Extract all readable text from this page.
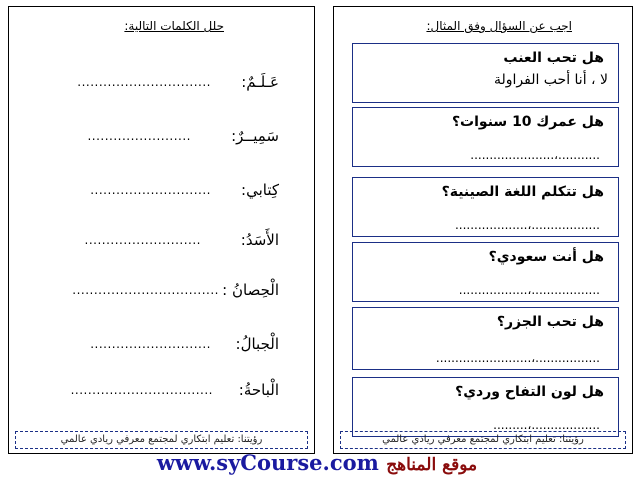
اجب عن السؤال وفق المثال:
هل تحب العنب
لا ، أنا أحب الفراولة
هل عمرك 10 سنوات؟
...........،......................
هل تتكلم اللغة الصينية؟
..................،...................
هل أنت سعودي؟
..................،..................
هل تحب الجزر؟
.................،.........................
هل لون التفاح وردي؟
..................،.........
رؤيتنا: تعليم ابتكاري لمجتمع معرفي ريادي عالمي
حلل الكلمات التالية:
عَـلَـمٌ:
...............................
سَمِيــرٌ:
........................
كِتابي:
............................
الأَسَدُ:
...........................
الْحِصانُ :
..................................
الْجبالُ:
............................
الْباحةُ:
.................................
رؤيتنا: تعليم ابتكاري لمجتمع معرفي ريادي عالمي
www.syCourse.com موقع المناهج
